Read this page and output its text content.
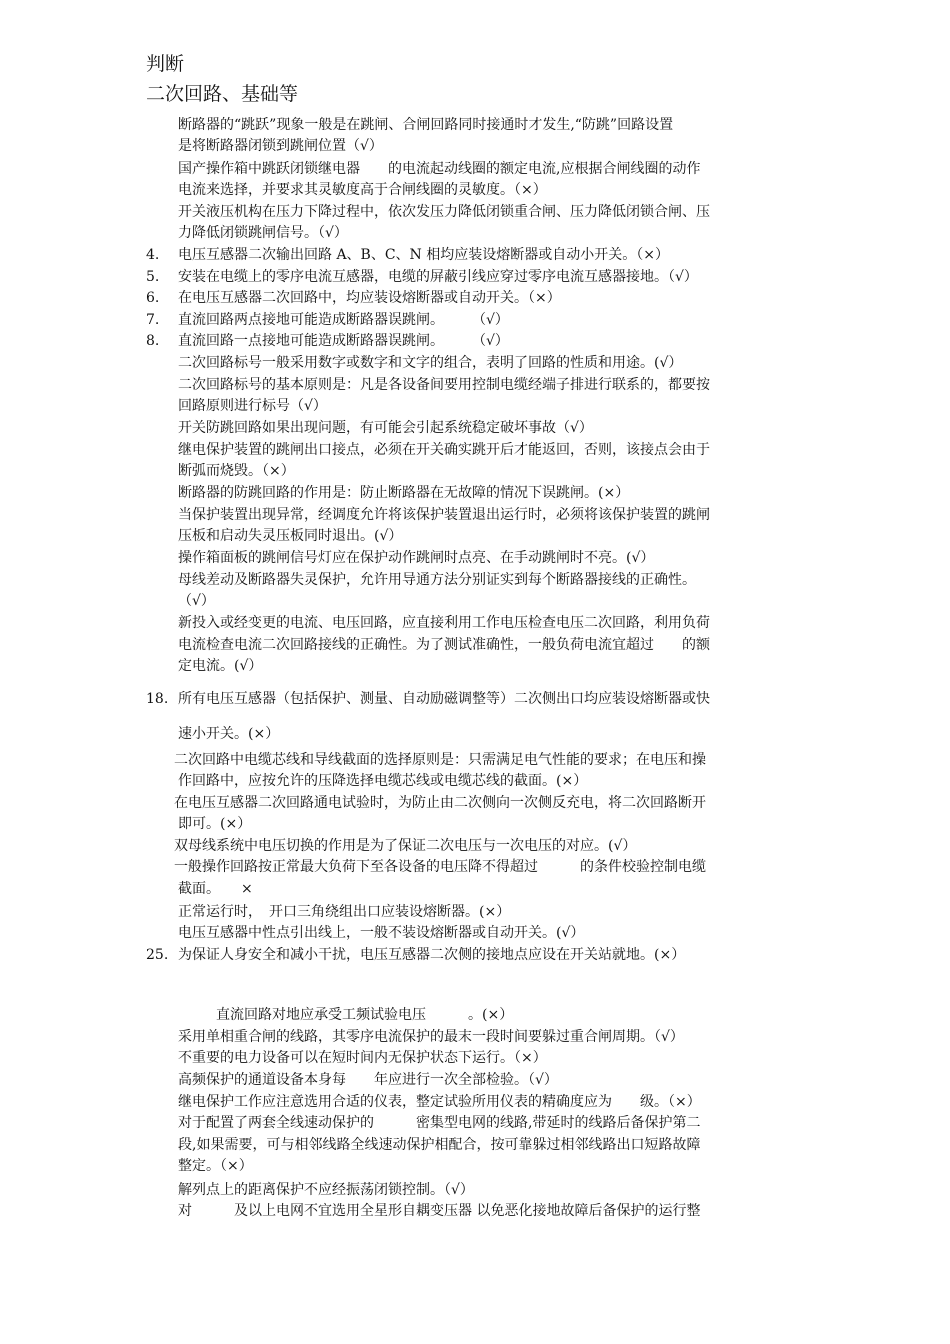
判断
二次回路、基础等
断路器的“跳跃”现象一般是在跳闸、合闸回路同时接通时才发生,“防跳”回路设置
是将断路器闭锁到跳闸位置（√）
国产操作箱中跳跃闭锁继电器　　的电流起动线圈的额定电流,应根据合闸线圈的动作
电流来选择，并要求其灵敏度高于合闸线圈的灵敏度。（×）
开关液压机构在压力下降过程中，依次发压力降低闭锁重合闸、压力降低闭锁合闸、压
力降低闭锁跳闸信号。（√）
4. 电压互感器二次输出回路 A、B、C、N 相均应装设熔断器或自动小开关。（×）
5. 安装在电缆上的零序电流互感器，电缆的屏蔽引线应穿过零序电流互感器接地。（√）
6. 在电压互感器二次回路中，均应装设熔断器或自动开关。（×）
7. 直流回路两点接地可能造成断路器误跳闸。　　　（√）
8. 直流回路一点接地可能造成断路器误跳闸。　　　（√）
二次回路标号一般采用数字或数字和文字的组合，表明了回路的性质和用途。(√）
二次回路标号的基本原则是：凡是各设备间要用控制电缆经端子排进行联系的，都要按
回路原则进行标号（√）
开关防跳回路如果出现问题，有可能会引起系统稳定破坏事故（√）
继电保护装置的跳闸出口接点，必须在开关确实跳开后才能返回，否则，该接点会由于
断弧而烧毁。（×）
断路器的防跳回路的作用是：防止断路器在无故障的情况下误跳闸。(×）
当保护装置出现异常，经调度允许将该保护装置退出运行时，必须将该保护装置的跳闸
压板和启动失灵压板同时退出。(√）
操作箱面板的跳闸信号灯应在保护动作跳闸时点亮、在手动跳闸时不亮。(√）
母线差动及断路器失灵保护，允许用导通方法分别证实到每个断路器接线的正确性。
（√）
新投入或经变更的电流、电压回路，应直接利用工作电压检查电压二次回路，利用负荷
电流检查电流二次回路接线的正确性。为了测试准确性，一般负荷电流宜超过　　的额
定电流。(√）
18. 所有电压互感器（包括保护、测量、自动励磁调整等）二次侧出口均应装设熔断器或快
速小开关。(×）
二次回路中电缆芯线和导线截面的选择原则是：只需满足电气性能的要求；在电压和操
作回路中，应按允许的压降选择电缆芯线或电缆芯线的截面。(×）
在电压互感器二次回路通电试验时，为防止由二次侧向一次侧反充电，将二次回路断开
即可。(×）
双母线系统中电压切换的作用是为了保证二次电压与一次电压的对应。(√）
一般操作回路按正常最大负荷下至各设备的电压降不得超过　　　的条件校验控制电缆
截面。　　×
正常运行时，　开口三角绕组出口应装设熔断器。(×）
电压互感器中性点引出线上，一般不装设熔断器或自动开关。(√）
25. 为保证人身安全和减小干扰，电压互感器二次侧的接地点应设在开关站就地。(×）
直流回路对地应承受工频试验电压　　　。(×）
采用单相重合闸的线路，其零序电流保护的最末一段时间要躲过重合闸周期。（√）
不重要的电力设备可以在短时间内无保护状态下运行。（×）
高频保护的通道设备本身每　　年应进行一次全部检验。（√）
继电保护工作应注意选用合适的仪表，整定试验所用仪表的精确度应为　　级。（×）
对于配置了两套全线速动保护的　　　密集型电网的线路,带延时的线路后备保护第二
段,如果需要，可与相邻线路全线速动保护相配合，按可靠躲过相邻线路出口短路故障
整定。（×）
解列点上的距离保护不应经振荡闭锁控制。（√）
对　　　及以上电网不宜选用全星形自耦变压器 以免恶化接地故障后备保护的运行整
